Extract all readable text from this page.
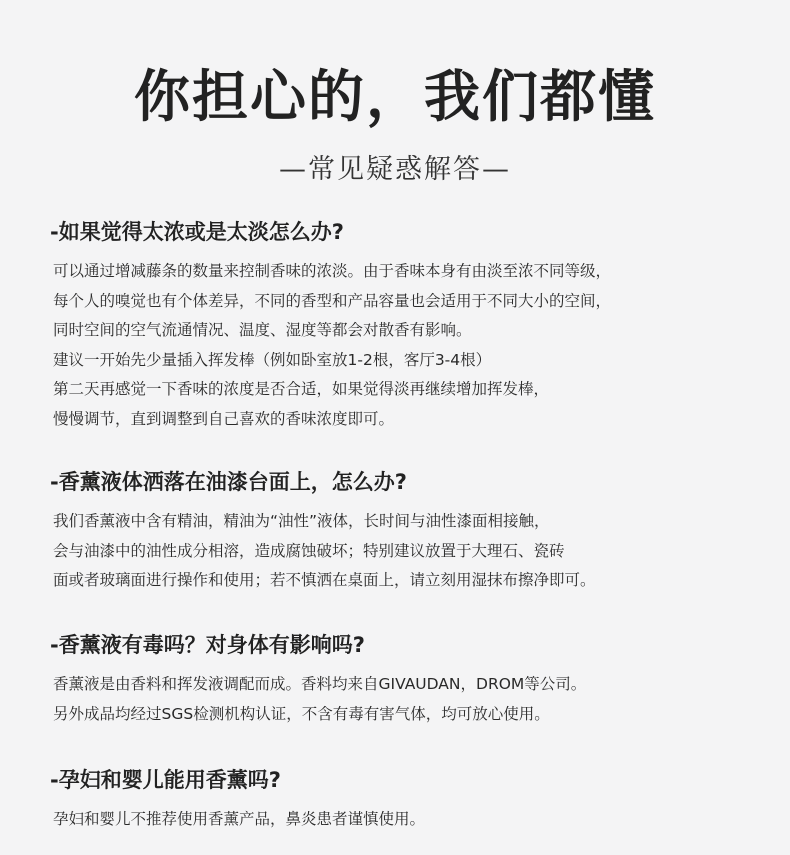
你担心的，我们都懂
—常见疑惑解答—
-如果觉得太浓或是太淡怎么办?
可以通过增减藤条的数量来控制香味的浓淡。由于香味本身有由淡至浓不同等级，
每个人的嗅觉也有个体差异，不同的香型和产品容量也会适用于不同大小的空间，
同时空间的空气流通情况、温度、湿度等都会对散香有影响。
建议一开始先少量插入挥发棒（例如卧室放1-2根，客厅3-4根）
第二天再感觉一下香味的浓度是否合适，如果觉得淡再继续增加挥发棒，
慢慢调节，直到调整到自己喜欢的香味浓度即可。
-香薰液体洒落在油漆台面上，怎么办?
我们香薰液中含有精油，精油为“油性”液体，长时间与油性漆面相接触，
会与油漆中的油性成分相溶，造成腐蚀破坏；特别建议放置于大理石、瓷砖
面或者玻璃面进行操作和使用；若不慎洒在桌面上，请立刻用湿抹布擦净即可。
-香薰液有毒吗？对身体有影响吗?
香薰液是由香料和挥发液调配而成。香料均来自GIVAUDAN，DROM等公司。
另外成品均经过SGS检测机构认证，不含有毒有害气体，均可放心使用。
-孕妇和婴儿能用香薰吗?
孕妇和婴儿不推荐使用香薰产品，鼻炎患者谨慎使用。
